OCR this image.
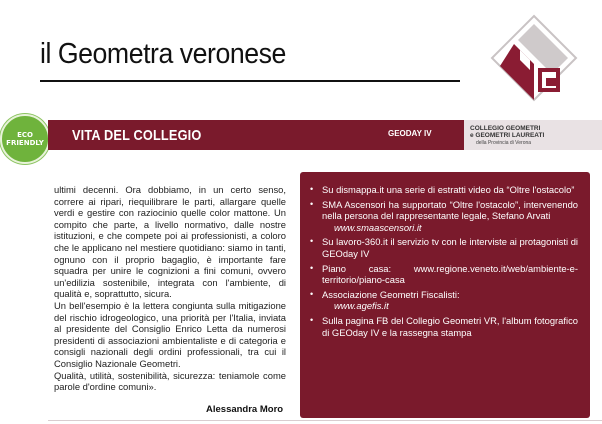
il Geometra veronese
ECO
FRIENDLY VITA DEL COLLEGIO	GEODAY IV
COLLEGIO GEOMETRI
e GEOMETRI LAUREATI
della Provincia di Verona

ultimi decenni. Ora dobbiamo, in un certo senso, correre ai ripari, riequilibrare le parti, allargare quelle verdi e gestire con raziocinio quelle color mattone. Un compito che parte, a livello normativo, dalle nostre istituzioni, e che compete poi ai professionisti, a coloro che le applicano nel mestiere quotidiano: siamo in tanti, ognuno con il proprio bagaglio, è importante fare squadra per unire le cognizioni a fini comuni, ovvero un'edilizia sostenibile, integrata con l'ambiente, di qualità e, soprattutto, sicura.

Un bell'esempio è la lettera congiunta sulla mitigazione del rischio idrogeologico, una priorità per l'Italia, inviata al presidente del Consiglio Enrico Letta da numerosi presidenti di associazioni ambientaliste e di categoria e consigli nazionali degli ordini professionali, tra cui il Consiglio Nazionale Geometri.

Qualità, utilità, sostenibilità, sicurezza: teniamole come parole d'ordine comuni».

Alessandra Moro
• Su dismappa.it una serie di estratti video da “Oltre l'ostacolo”
• SMA Ascensori ha supportato “Oltre l'ostacolo”, intervenendo nella persona del rappresentante legale, Stefano Arvati
www.smaascensori.it
• Su lavoro-360.it il servizio tv con le interviste ai protagonisti di GEOday IV
• Piano casa: www.regione.veneto.it/web/ambiente-e-territorio/piano-casa
• Associazione Geometri Fiscalisti:
www.agefis.it
• Sulla pagina FB del Collegio Geometri VR, l'album fotografico di GEOday IV e la rassegna stampa
